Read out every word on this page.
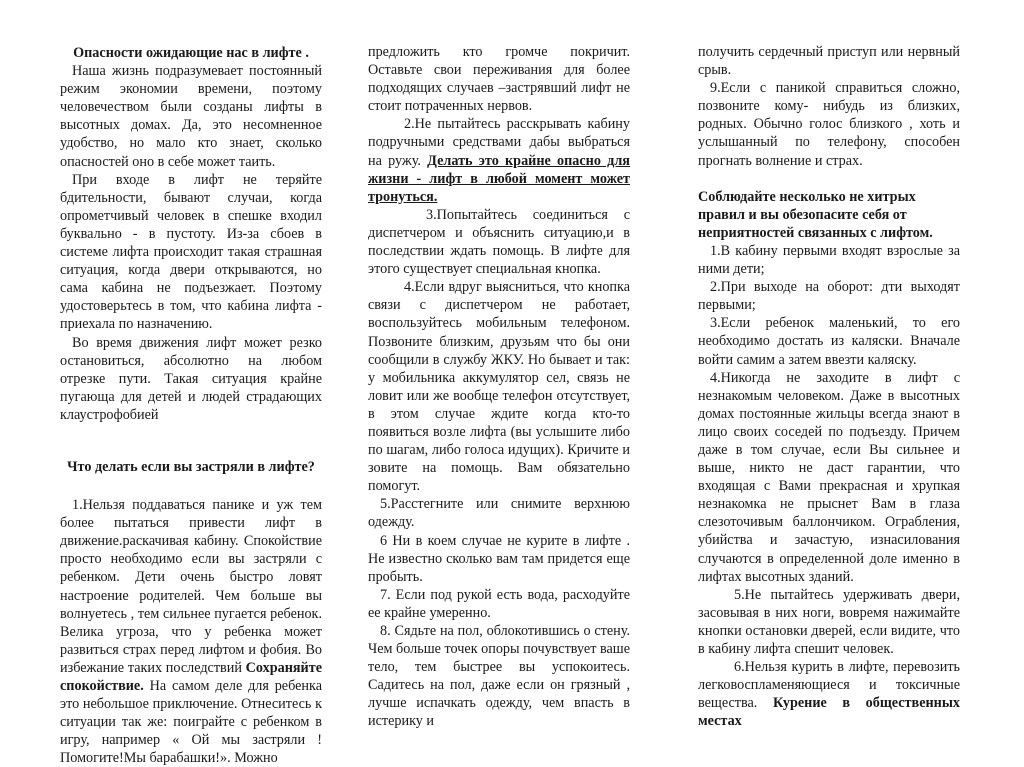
Опасности ожидающие нас в лифте .

Наша жизнь подразумевает постоянный режим экономии времени, поэтому человечеством были созданы лифты в высотных домах. Да, это несомненное удобство, но мало кто знает, сколько опасностей оно в себе может таить.

При входе в лифт не теряйте бдительности, бывают случаи, когда опрометчивый человек в спешке входил буквально - в пустоту. Из-за сбоев в системе лифта происходит такая страшная ситуация, когда двери открываются, но сама кабина не подъезжает. Поэтому удостоверьтесь в том, что кабина лифта - приехала по назначению.

Во время движения лифт может резко остановиться, абсолютно на любом отрезке пути. Такая ситуация крайне пугающа для детей и людей страдающих клаустрофобией

Что делать если вы застряли в лифте?

1.Нельзя поддаваться панике и уж тем более пытаться привести лифт в движение.раскачивая кабину. Спокойствие просто необходимо если вы застряли с ребенком. Дети очень быстро ловят настроение родителей. Чем больше вы волнуетесь , тем сильнее пугается ребенок. Велика угроза, что у ребенка может развиться страх перед лифтом и фобия. Во избежание таких последствий Сохраняйте спокойствие. На самом деле для ребенка это небольшое приключение. Отнеситесь к ситуации так же: поиграйте с ребенком в игру, например « Ой мы застряли ! Помогите!Мы барабашки!». Можно

предложить кто громче покричит. Оставьте свои переживания для более подходящих случаев –застрявший лифт не стоит потраченных нервов.

2.Не пытайтесь расскрывать кабину подручными средствами дабы выбраться на ружу. Делать это крайне опасно для жизни - лифт в любой момент может тронуться.

3.Попытайтесь соединиться с диспетчером и объяснить ситуацию,и в последствии ждать помощь. В лифте для этого существует специальная кнопка.

4.Если вдруг выясниться, что кнопка связи с диспетчером не работает, воспользуйтесь мобильным телефоном. Позвоните близким, друзьям что бы они сообщили в службу ЖКУ. Но бывает и так: у мобильника аккумулятор сел, связь не ловит или же вообще телефон отсутствует, в этом случае ждите когда кто-то появиться возле лифта (вы услышите либо по шагам, либо голоса идущих). Кричите и зовите на помощь. Вам обязательно помогут.

5.Расстегните или снимите верхнюю одежду.

6 Ни в коем случае не курите в лифте . Не известно сколько вам там придется еще пробыть.

7. Если под рукой есть вода, расходуйте ее крайне умеренно.

8. Сядьте на пол, облокотившись о стену. Чем больше точек опоры почувствует ваше тело, тем быстрее вы успокоитесь. Садитесь на пол, даже если он грязный , лучше испачкать одежду, чем впасть в истерику и

получить сердечный приступ или нервный срыв.

9.Если с паникой справиться сложно, позвоните кому- нибудь из близких, родных. Обычно голос близкого , хоть и услышанный по телефону, способен прогнать волнение и страх.

Соблюдайте несколько не хитрых правил и вы обезопасите себя от неприятностей связанных с лифтом.

1.В кабину первыми входят взрослые за ними дети;

2.При выходе на оборот: дти выходят первыми;

3.Если ребенок маленький, то его необходимо достать из каляски. Вначале войти самим а затем ввезти каляску.

4.Никогда не заходите в лифт с незнакомым человеком. Даже в высотных домах постоянные жильцы всегда знают в лицо своих соседей по подъезду. Причем даже в том случае, если Вы сильнее и выше, никто не даст гарантии, что входящая с Вами прекрасная и хрупкая незнакомка не прыснет Вам в глаза слезоточивым баллончиком. Ограбления, убийства и зачастую, изнасилования случаются в определенной доле именно в лифтах высотных зданий.

5.Не пытайтесь удерживать двери, засовывая в них ноги, вовремя нажимайте кнопки остановки дверей, если видите, что в кабину лифта спешит человек.

6.Нельзя курить в лифте, перевозить легковоспламеняющиеся и токсичные вещества. Курение в общественных местах
